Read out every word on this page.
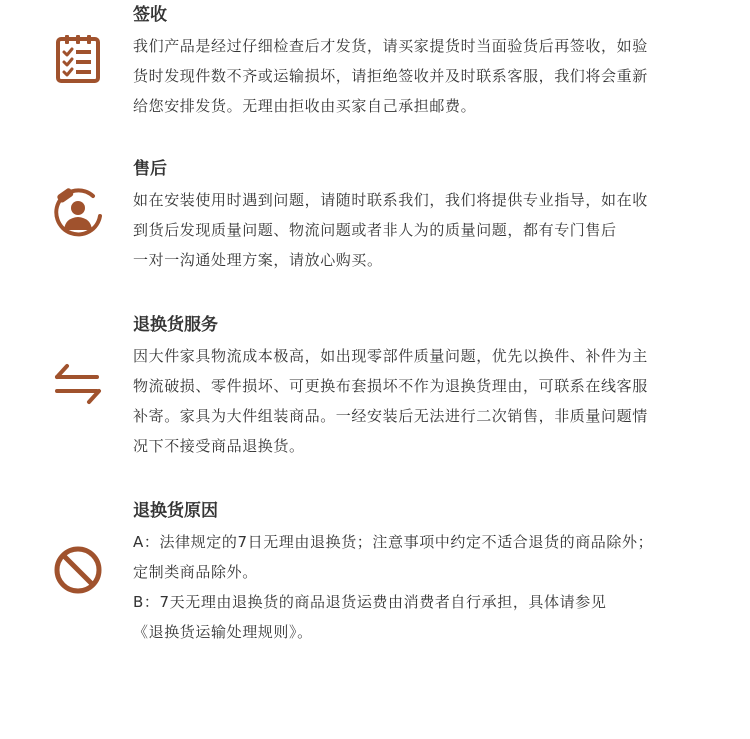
签收
我们产品是经过仔细检查后才发货，请买家提货时当面验货后再签收，如验
货时发现件数不齐或运输损坏，请拒绝签收并及时联系客服，我们将会重新
给您安排发货。无理由拒收由买家自己承担邮费。
售后
如在安装使用时遇到问题，请随时联系我们，我们将提供专业指导，如在收
到货后发现质量问题、物流问题或者非人为的质量问题，都有专门售后
一对一沟通处理方案，请放心购买。
退换货服务
因大件家具物流成本极高，如出现零部件质量问题，优先以换件、补件为主
物流破损、零件损坏、可更换布套损坏不作为退换货理由，可联系在线客服
补寄。家具为大件组装商品。一经安装后无法进行二次销售，非质量问题情
况下不接受商品退换货。
退换货原因
A：法律规定的7日无理由退换货；注意事项中约定不适合退货的商品除外；
定制类商品除外。
B：7天无理由退换货的商品退货运费由消费者自行承担，具体请参见
《退换货运输处理规则》。
